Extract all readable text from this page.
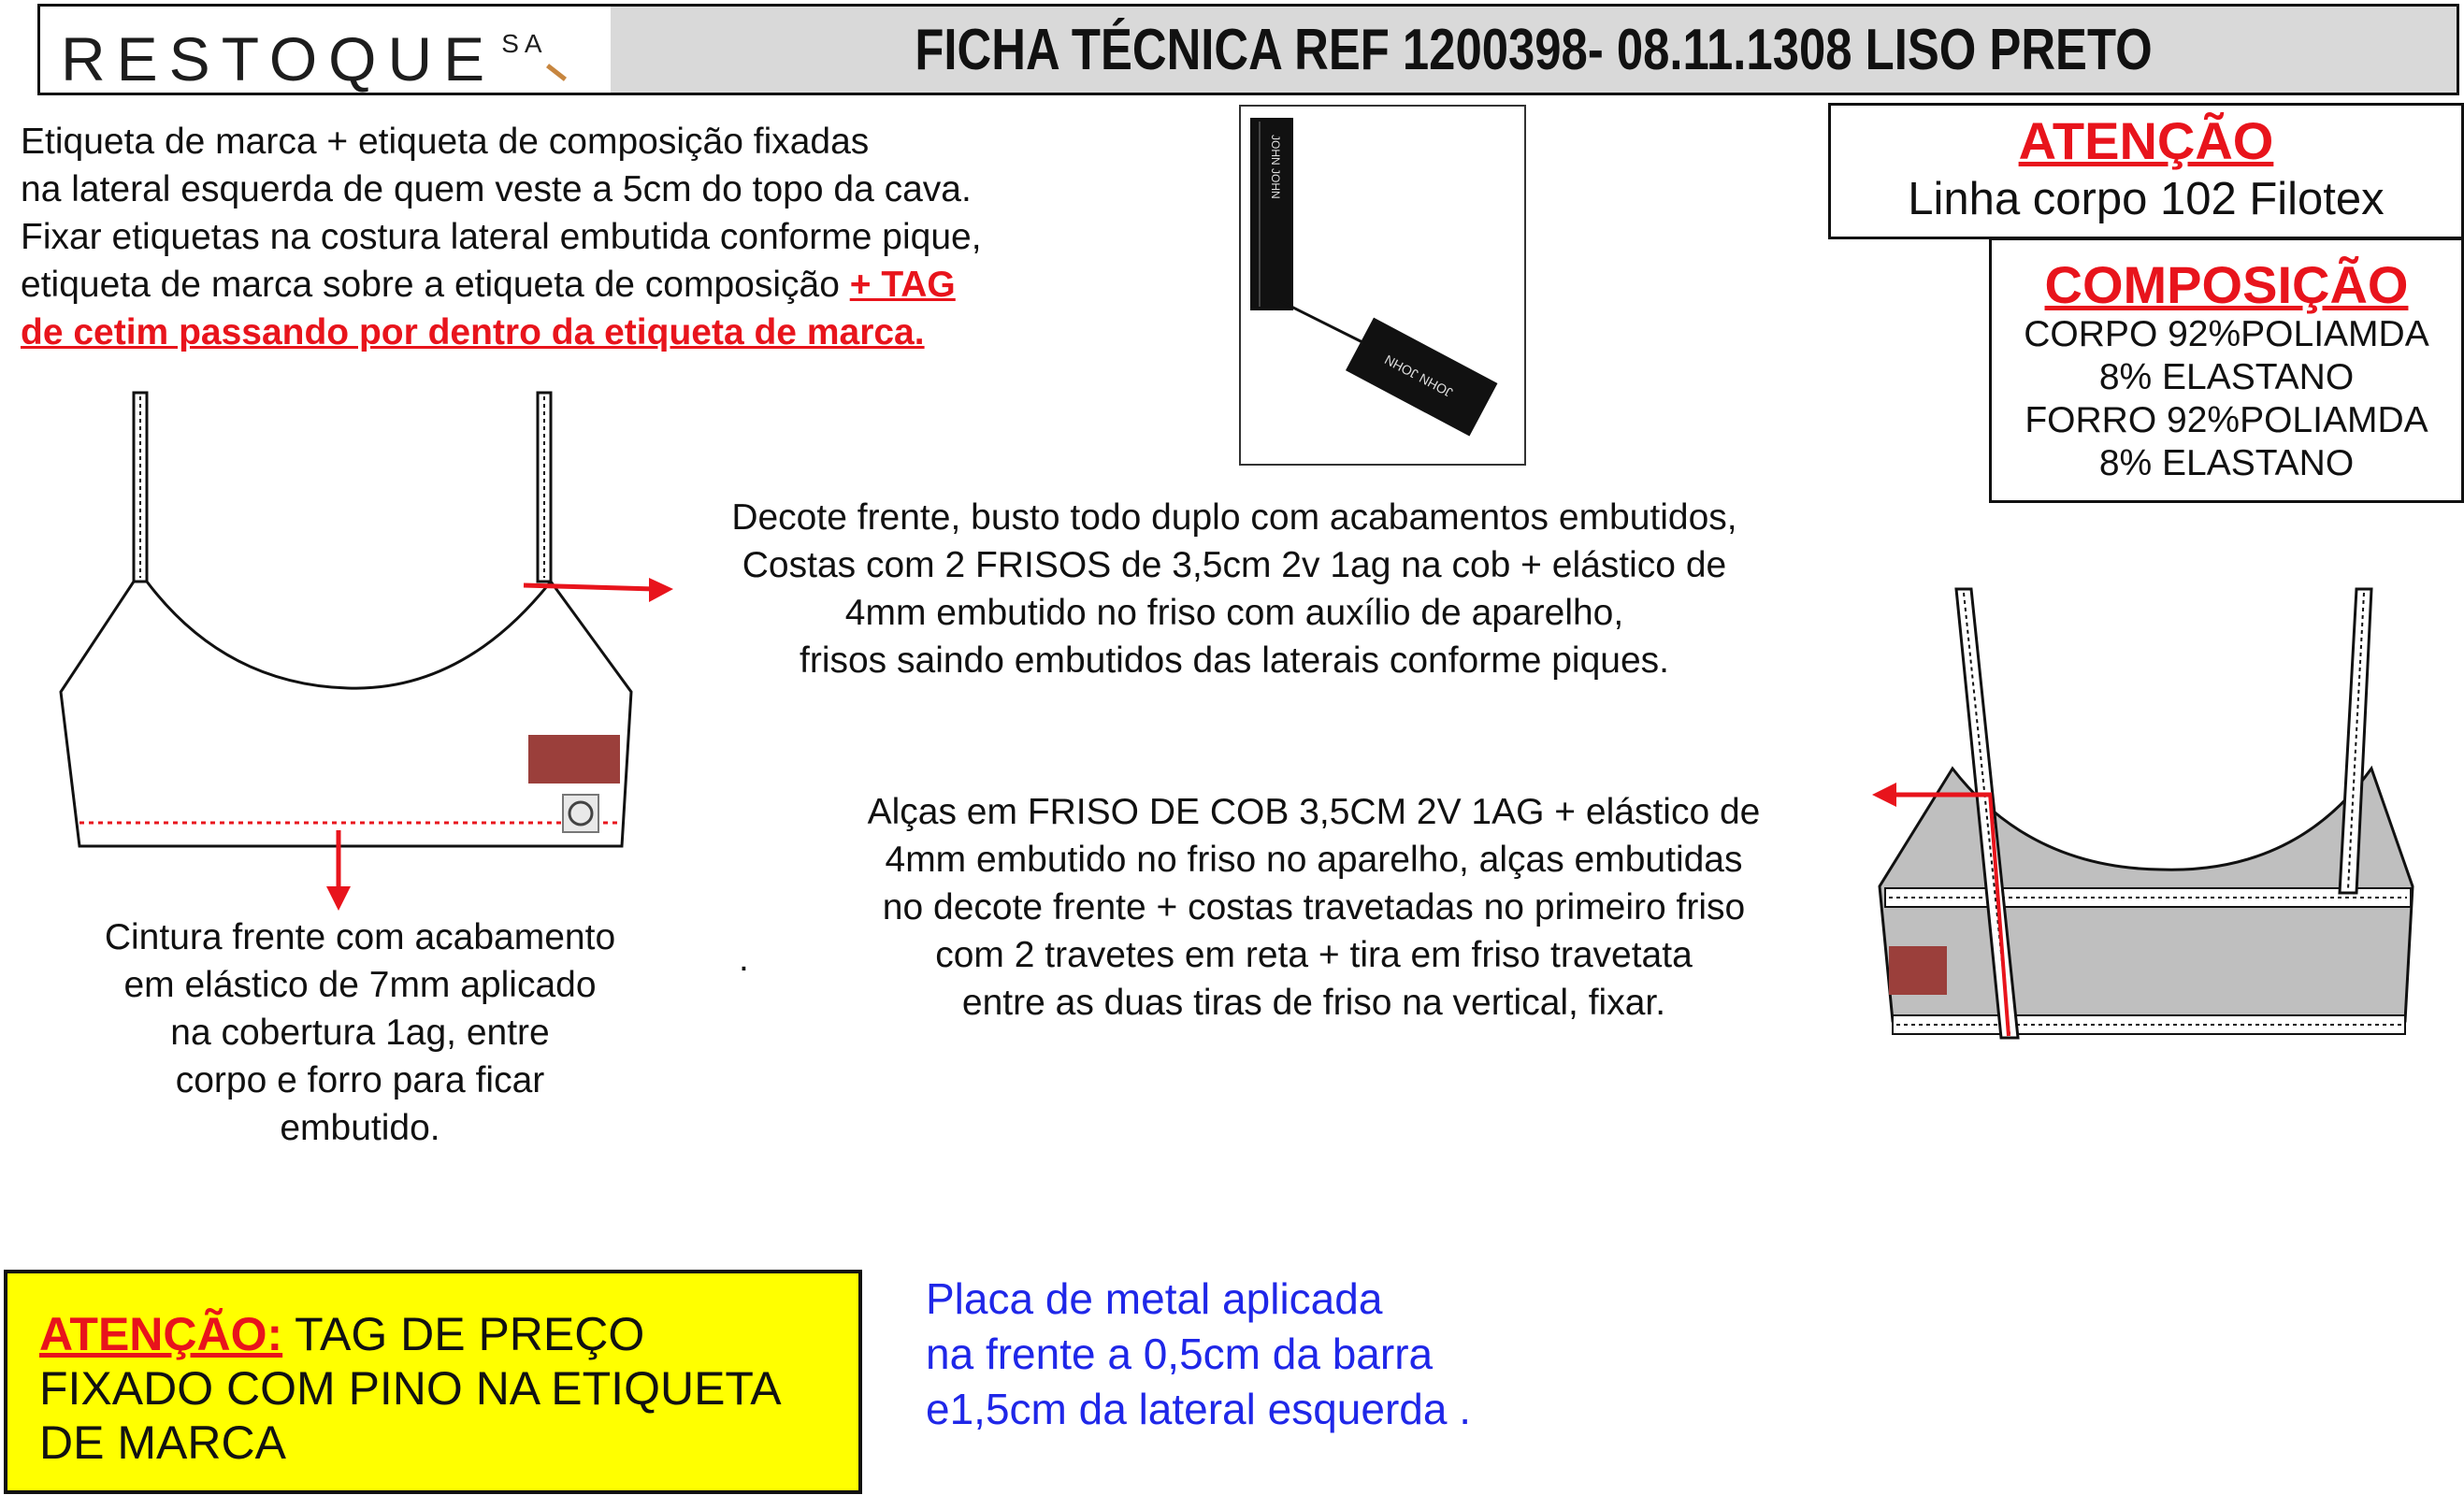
RESTOQUE $^{SA}$	FICHA TÉCNICA REF 1200398- 08.11.1308 LISO PRETO
Etiqueta de marca + etiqueta de composição fixadas
na lateral esquerda de quem veste a 5cm do topo da cava.
Fixar etiquetas na costura lateral embutida conforme pique,
etiqueta de marca sobre a etiqueta de composição + TAG
de cetim passando por dentro da etiqueta de marca.
JOHN JOHN
JOHN JOHN
ATENÇÃO
Linha corpo 102 Filotex
COMPOSIÇÃO
CORPO 92%POLIAMDA
8% ELASTANO
FORRO 92%POLIAMDA
8% ELASTANO
Decote frente, busto todo duplo com acabamentos embutidos,
Costas com 2 FRISOS de 3,5cm 2v 1ag na cob + elástico de
4mm embutido no friso com auxílio de aparelho,
frisos saindo embutidos das laterais conforme piques.
Alças em FRISO DE COB 3,5CM 2V 1AG + elástico de
4mm embutido no friso no aparelho, alças embutidas
no decote frente + costas travetadas no primeiro friso
com 2 travetes em reta + tira em friso travetata
entre as duas tiras de friso na vertical, fixar.
.
Cintura frente com acabamento
em elástico de 7mm aplicado
na cobertura 1ag, entre
corpo e forro para ficar
embutido.
ATENÇÃO: TAG DE PREÇO
FIXADO COM PINO NA ETIQUETA
DE MARCA
Placa de metal aplicada
na frente a 0,5cm da barra
e1,5cm da lateral esquerda .
